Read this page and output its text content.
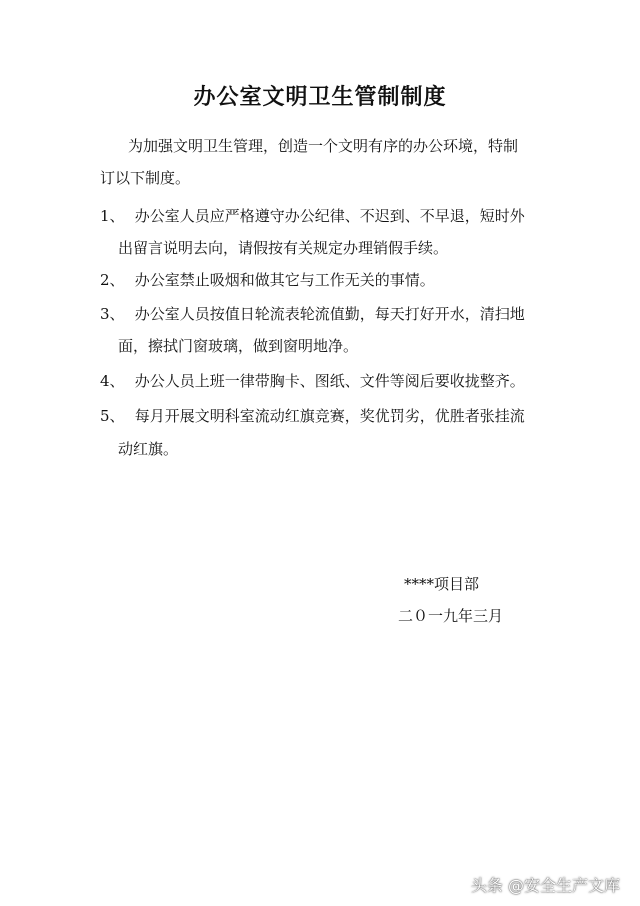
办公室文明卫生管制制度
为加强文明卫生管理，创造一个文明有序的办公环境，特制
订以下制度。
1、 办公室人员应严格遵守办公纪律、不迟到、不早退，短时外
出留言说明去向，请假按有关规定办理销假手续。
2、 办公室禁止吸烟和做其它与工作无关的事情。
3、 办公室人员按值日轮流表轮流值勤，每天打好开水，清扫地
面，擦拭门窗玻璃，做到窗明地净。
4、 办公人员上班一律带胸卡、图纸、文件等阅后要收拢整齐。
5、 每月开展文明科室流动红旗竞赛，奖优罚劣，优胜者张挂流
动红旗。
****项目部
二０一九年三月
头条 @安全生产文库
